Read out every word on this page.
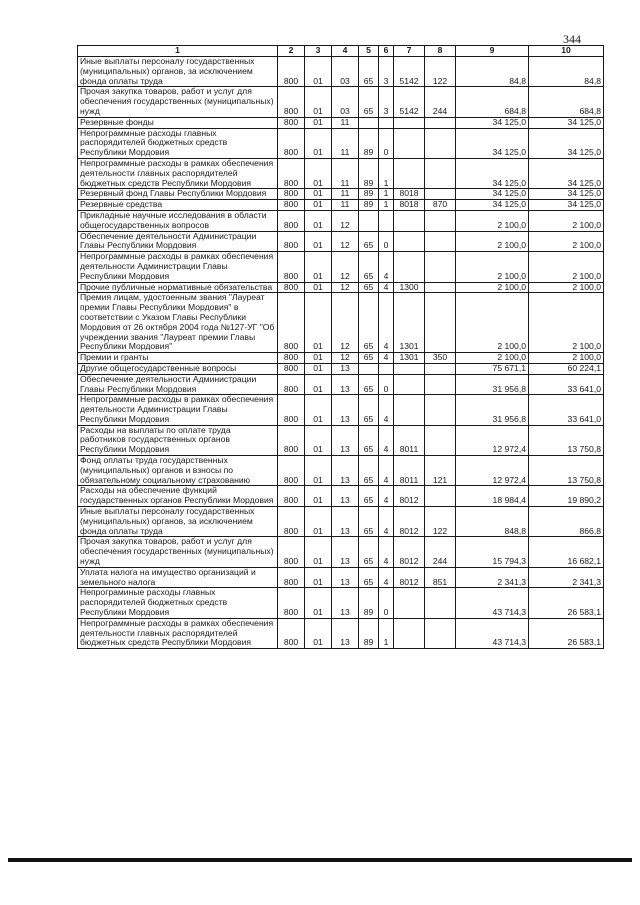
344
1	2	3	4	5	6	7	8	9	10
Иные выплаты персоналу государственных (муниципальных) органов, за исключением фонда оплаты труда	800	01	03	65	3	5142	122	84,8	84,8
Прочая закупка товаров, работ и услуг для обеспечения государственных (муниципальных) нужд	800	01	03	65	3	5142	244	684,8	684,8
Резервные фонды	800	01	11					34 125,0	34 125,0
Непрограммные расходы главных распорядителей бюджетных средств Республики Мордовия	800	01	11	89	0			34 125,0	34 125,0
Непрограммные расходы в рамках обеспечения деятельности главных распорядителей бюджетных средств Республики Мордовия	800	01	11	89	1			34 125,0	34 125,0
Резервный фонд Главы Республики Мордовия	800	01	11	89	1	8018		34 125,0	34 125,0
Резервные средства	800	01	11	89	1	8018	870	34 125,0	34 125,0
Прикладные научные исследования в области общегосударственных вопросов	800	01	12					2 100,0	2 100,0
Обеспечение деятельности Администрации Главы Республики Мордовия	800	01	12	65	0			2 100,0	2 100,0
Непрограммные расходы в рамках обеспечения деятельности Администрации Главы Республики Мордовия	800	01	12	65	4			2 100,0	2 100,0
Прочие публичные нормативные обязательства	800	01	12	65	4	1300		2 100,0	2 100,0
Премия лицам, удостоенным звания "Лауреат премии Главы Республики Мордовия" в соответствии с Указом Главы Республики Мордовия от 26 октября 2004 года №127-УГ "Об учреждении звания "Лауреат премии Главы Республики Мордовия"	800	01	12	65	4	1301		2 100,0	2 100,0
Премии и гранты	800	01	12	65	4	1301	350	2 100,0	2 100,0
Другие общегосударственные вопросы	800	01	13					75 671,1	60 224,1
Обеспечение деятельности Администрации Главы Республики Мордовия	800	01	13	65	0			31 956,8	33 641,0
Непрограммные расходы в рамках обеспечения деятельности Администрации Главы Республики Мордовия	800	01	13	65	4			31 956,8	33 641,0
Расходы на выплаты по оплате труда работников государственных органов Республики Мордовия	800	01	13	65	4	8011		12 972,4	13 750,8
Фонд оплаты труда государственных (муниципальных) органов и взносы по обязательному социальному страхованию	800	01	13	65	4	8011	121	12 972,4	13 750,8
Расходы на обеспечение функций государственных органов Республики Мордовия	800	01	13	65	4	8012		18 984,4	19 890,2
Иные выплаты персоналу государственных (муниципальных) органов, за исключением фонда оплаты труда	800	01	13	65	4	8012	122	848,8	866,8
Прочая закупка товаров, работ и услуг для обеспечения государственных (муниципальных) нужд	800	01	13	65	4	8012	244	15 794,3	16 682,1
Уплата налога на имущество организаций и земельного налога	800	01	13	65	4	8012	851	2 341,3	2 341,3
Непрограминые расходы главных распорядителей бюджетных средств Республики Мордовия	800	01	13	89	0			43 714,3	26 583,1
Непрограммные расходы в рамках обеспечения деятельности главных распорядителей бюджетных средств Республики Мордовия	800	01	13	89	1			43 714,3	26 583,1
